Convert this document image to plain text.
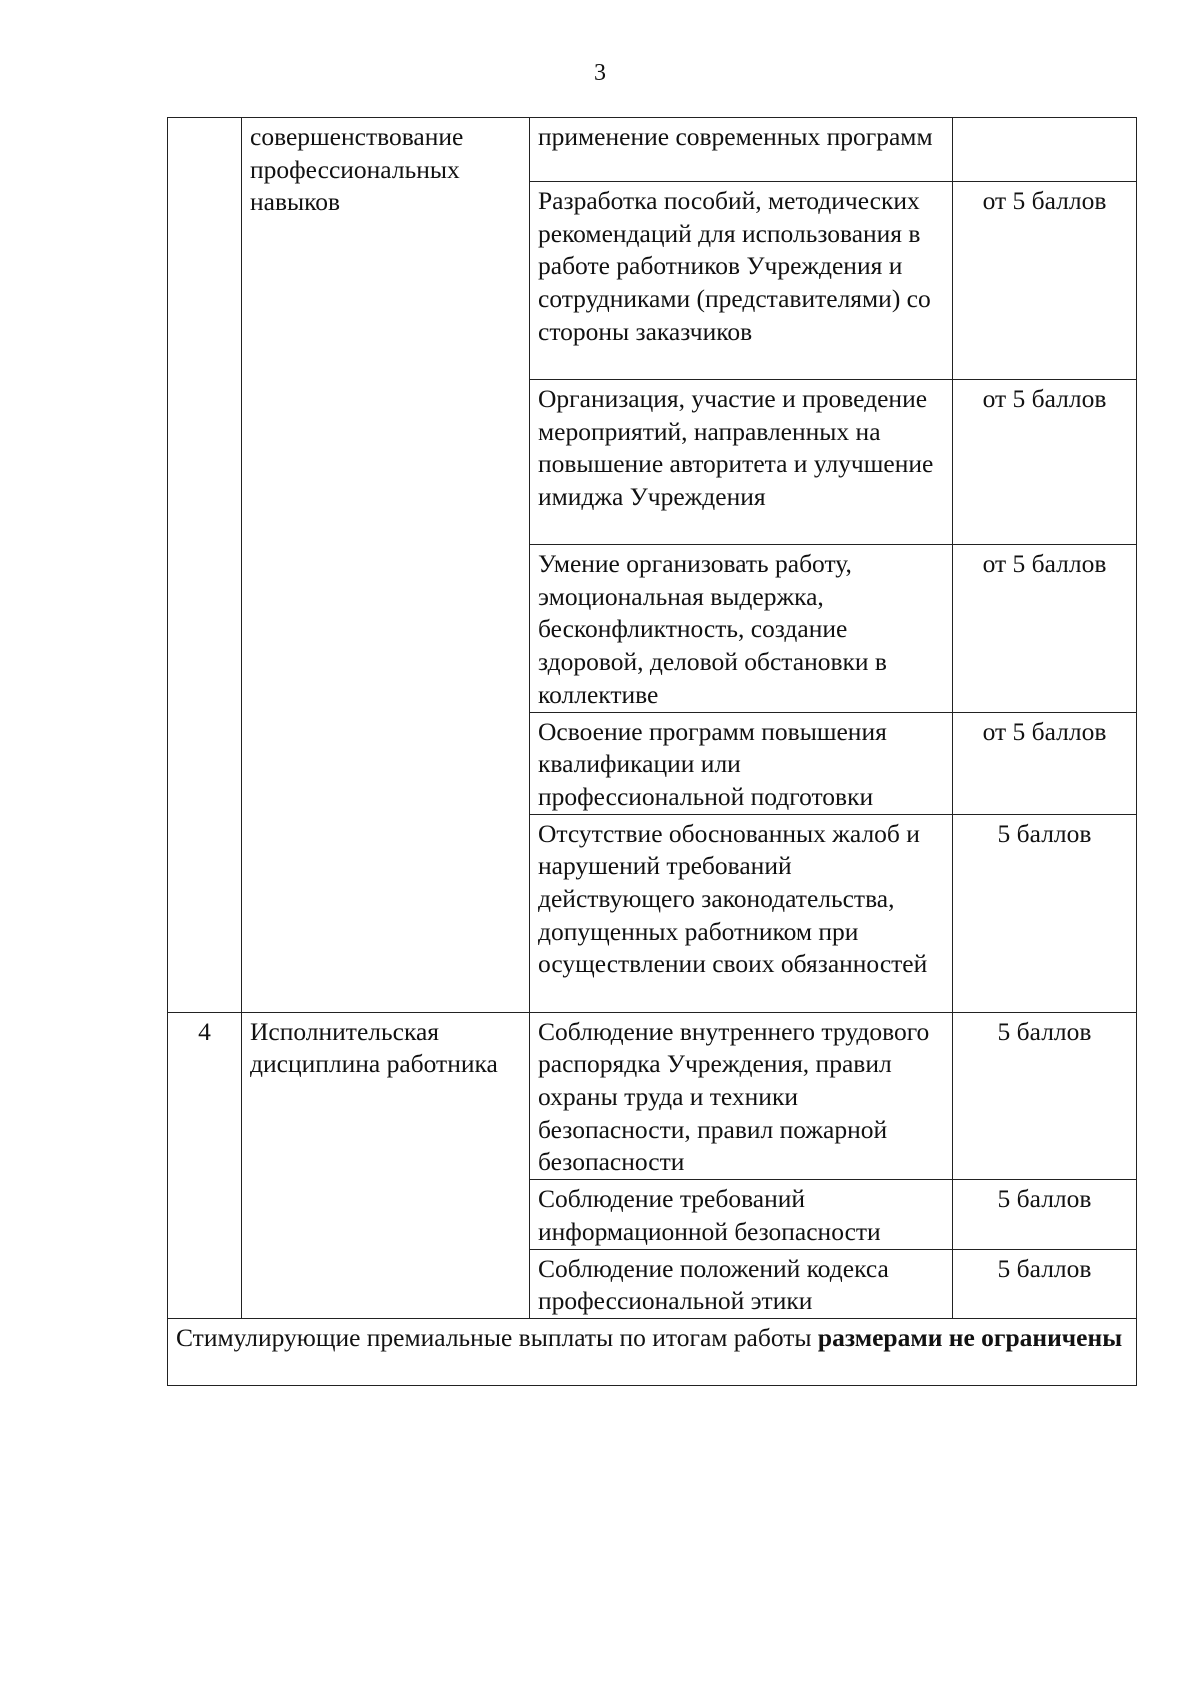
3
	совершенствование профессиональных навыков	применение современных программ	
		Разработка пособий, методических рекомендаций для использования в работе работников Учреждения и сотрудниками (представителями) со стороны заказчиков	от 5 баллов
		Организация, участие и проведение мероприятий, направленных на повышение авторитета и улучшение имиджа Учреждения	от 5 баллов
		Умение организовать работу, эмоциональная выдержка, бесконфликтность, создание здоровой, деловой обстановки в коллективе	от 5 баллов
		Освоение программ повышения квалификации или профессиональной подготовки	от 5 баллов
		Отсутствие обоснованных жалоб и нарушений требований действующего законодательства, допущенных работником при осуществлении своих обязанностей	5 баллов
4	Исполнительская дисциплина работника	Соблюдение внутреннего трудового распорядка Учреждения, правил охраны труда и техники безопасности, правил пожарной безопасности	5 баллов
		Соблюдение требований информационной безопасности	5 баллов
		Соблюдение положений кодекса профессиональной этики	5 баллов
Стимулирующие премиальные выплаты по итогам работы размерами не ограничены			
